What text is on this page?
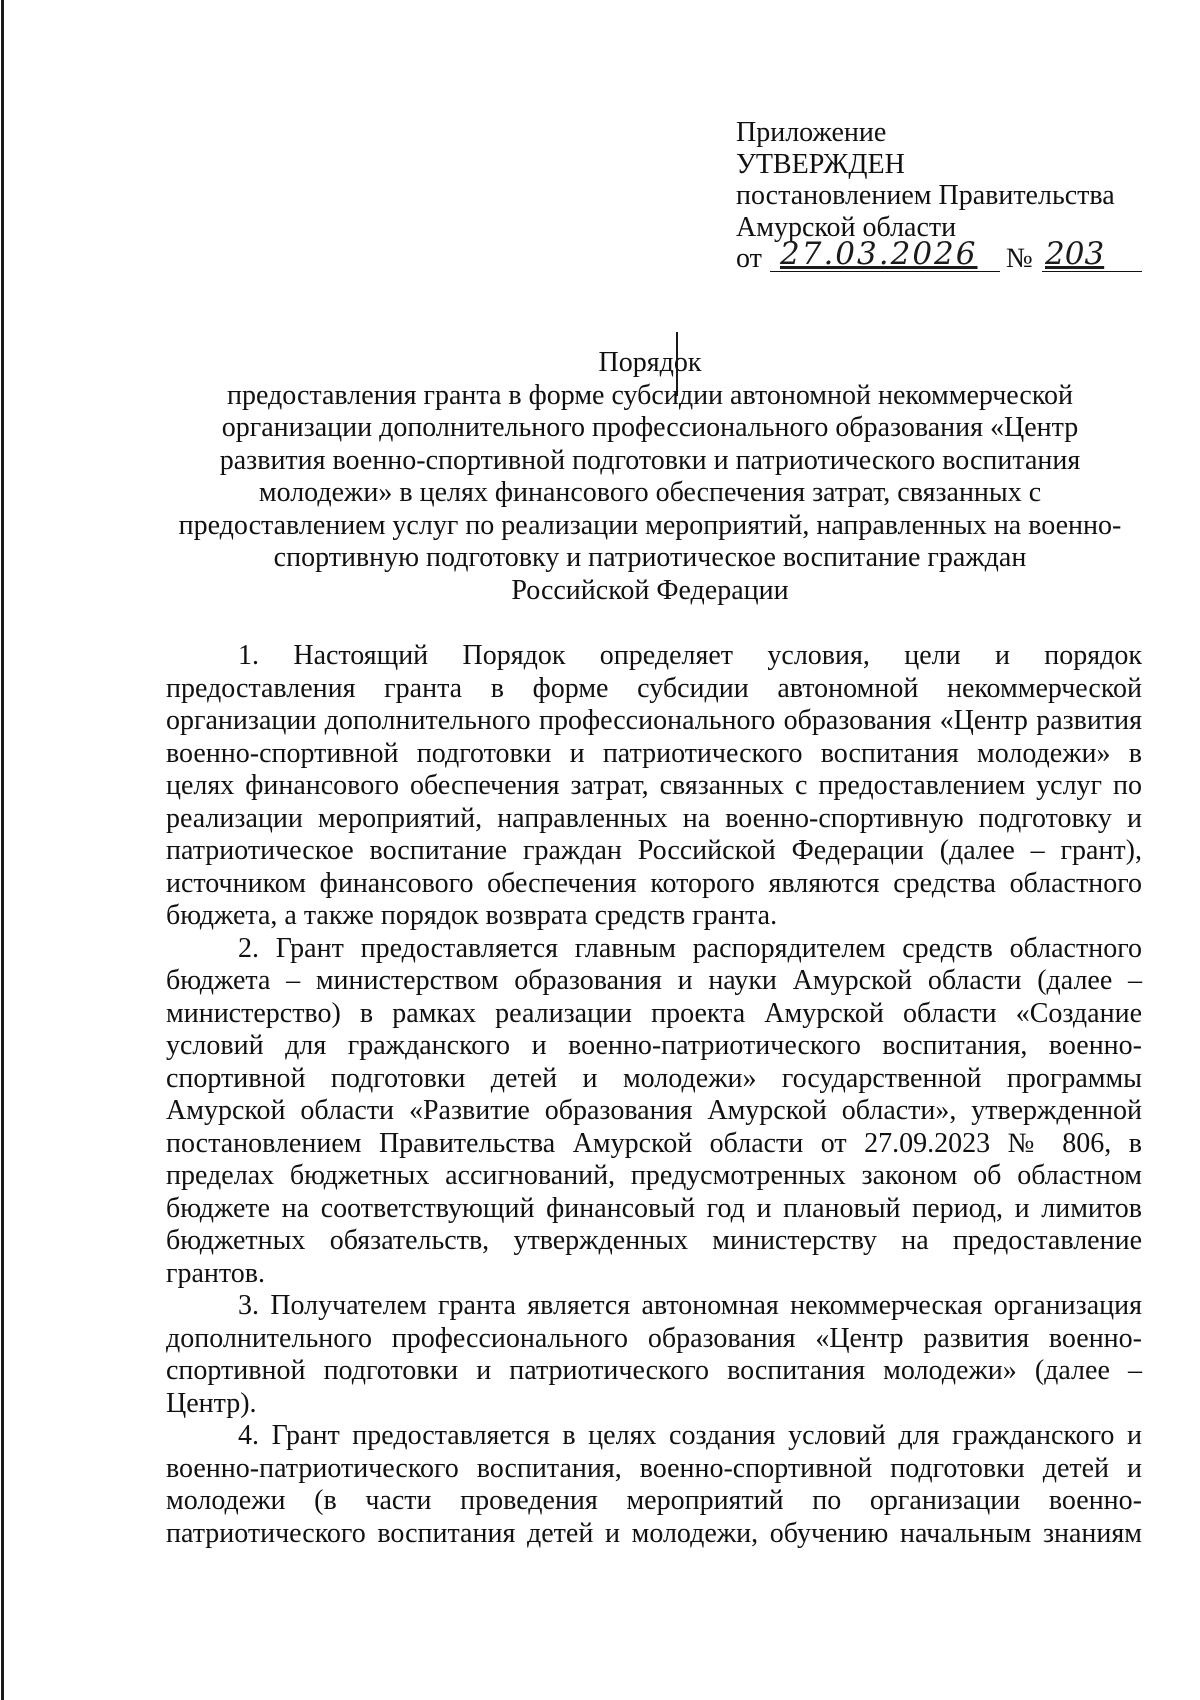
Приложение
УТВЕРЖДЕН
постановлением Правительства
Амурской области
от 27.03.2026	№ 203
Порядок
предоставления гранта в форме субсидии автономной некоммерческой
организации дополнительного профессионального образования «Центр
развития военно-спортивной подготовки и патриотического воспитания
молодежи» в целях финансового обеспечения затрат, связанных с
предоставлением услуг по реализации мероприятий, направленных на военно-
спортивную подготовку и патриотическое воспитание граждан
Российской Федерации

1. Настоящий Порядок определяет условия, цели и порядок предоставления гранта в форме субсидии автономной некоммерческой организации дополнительного профессионального образования «Центр развития военно-спортивной подготовки и патриотического воспитания молодежи» в целях финансового обеспечения затрат, связанных с предоставлением услуг по реализации мероприятий, направленных на военно-спортивную подготовку и патриотическое воспитание граждан Российской Федерации (далее – грант), источником финансового обеспечения которого являются средства областного бюджета, а также порядок возврата средств гранта.

2. Грант предоставляется главным распорядителем средств областного бюджета – министерством образования и науки Амурской области (далее – министерство) в рамках реализации проекта Амурской области «Создание условий для гражданского и военно-патриотического воспитания, военно-спортивной подготовки детей и молодежи» государственной программы Амурской области «Развитие образования Амурской области», утвержденной постановлением Правительства Амурской области от 27.09.2023 № 806, в пределах бюджетных ассигнований, предусмотренных законом об областном бюджете на соответствующий финансовый год и плановый период, и лимитов бюджетных обязательств, утвержденных министерству на предоставление грантов.

3. Получателем гранта является автономная некоммерческая организация дополнительного профессионального образования «Центр развития военно-спортивной подготовки и патриотического воспитания молодежи» (далее – Центр).

4. Грант предоставляется в целях создания условий для гражданского и военно-патриотического воспитания, военно-спортивной подготовки детей и молодежи (в части проведения мероприятий по организации военно-патриотического воспитания детей и молодежи, обучению начальным знаниям
